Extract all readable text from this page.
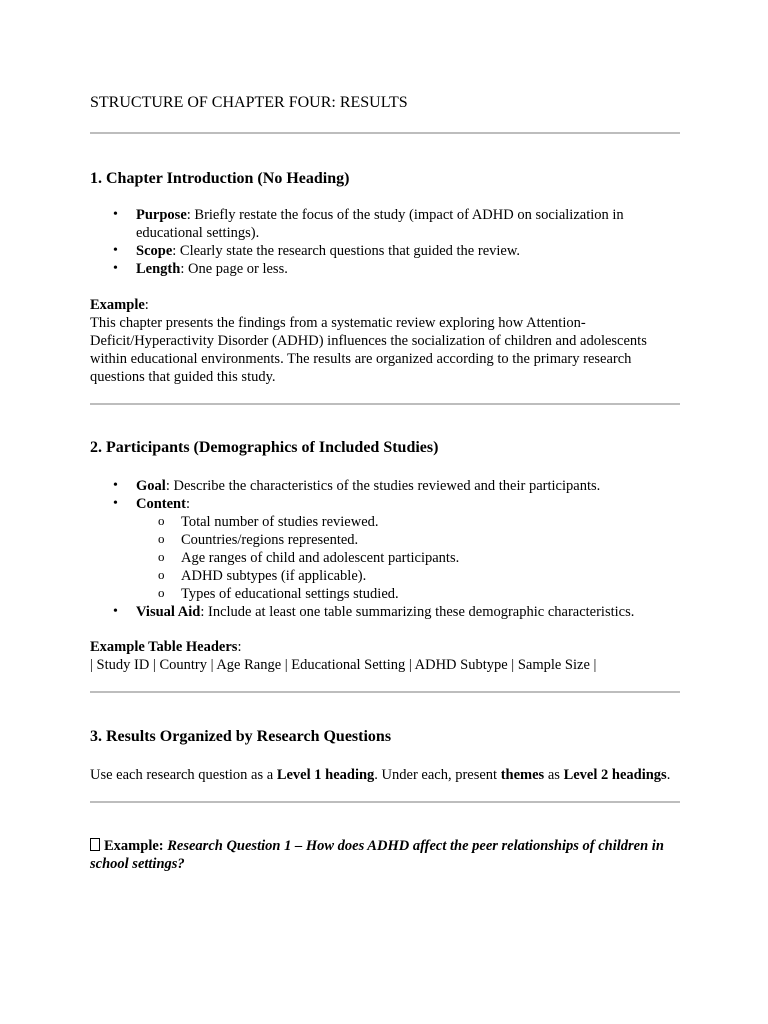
STRUCTURE OF CHAPTER FOUR: RESULTS
1. Chapter Introduction (No Heading)
• Purpose: Briefly restate the focus of the study (impact of ADHD on socialization in educational settings).
• Scope: Clearly state the research questions that guided the review.
• Length: One page or less.

Example:

This chapter presents the findings from a systematic review exploring how Attention-Deficit/Hyperactivity Disorder (ADHD) influences the socialization of children and adolescents within educational environments. The results are organized according to the primary research questions that guided this study.

2. Participants (Demographics of Included Studies)
• Goal: Describe the characteristics of the studies reviewed and their participants.
• Content:
o Total number of studies reviewed.
o Countries/regions represented.
o Age ranges of child and adolescent participants.
o ADHD subtypes (if applicable).
o Types of educational settings studied.
• Visual Aid: Include at least one table summarizing these demographic characteristics.

Example Table Headers:

| Study ID | Country | Age Range | Educational Setting | ADHD Subtype | Sample Size |

3. Results Organized by Research Questions

Use each research question as a Level 1 heading. Under each, present themes as Level 2 headings.

Example: Research Question 1 – How does ADHD affect the peer relationships of children in school settings?
